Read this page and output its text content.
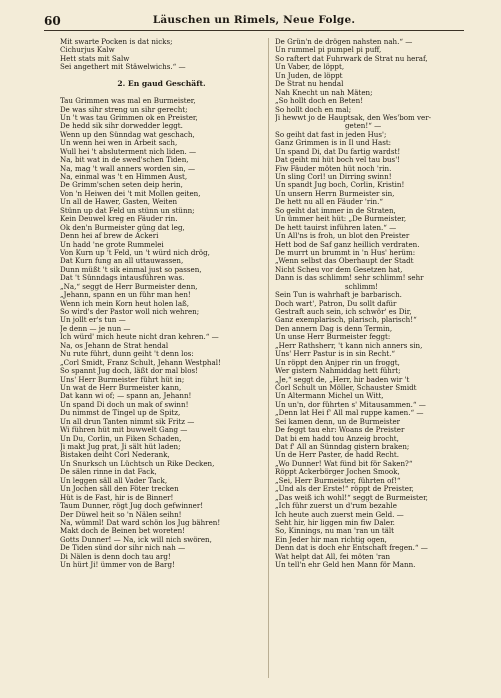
60	Läuschen un Rimels, Neue Folge.
Mit swarte Pocken is dat nicks;
Cichurjus Kalw
Hett stats mit Salw
Sei angethert mit Stäwelwichs.“ —
2. En gaud Geschäft.
Tau Grimmen was mal en Burmeister,
De was sihr streng un sihr gerecht;
Un 't was tau Grimmen ok en Preister,
De hedd sik sihr dorwedder leggt.
Wenn up den Sünndag wat geschach,
Un wenn hei wen in Arbeit sach,
Wull hei 't absluterment nich liden. —
Na, bit wat in de swed'schen Tiden,
Na, mag 't wall anners worden sin, —
Na, einmal was 't en Himmen Aust,
De Grimm'schen seten deip herin,
Von 'n Heiwen dei 't mit Mollen geiten,
Un all de Hawer, Gasten, Weiten
Stünn up dat Feld un stünn un stünn;
Kein Deuwel kreg en Fäuder rin.
Ok den'n Burmeister güng dat leg,
Denn hei af brew de Ackeri
Un hadd 'ne grote Rummelei
Von Kurn up 't Feld, un 't würd nich drög,
Dat Kurn fung an all uttauwassen,
Dunn müßt 't sik einmal just so passen,
Dat 't Sünndags intausführen was.
„Na,“ seggt de Herr Burmeister denn,
„Jehann, spann en un führ man hen!
Wenn ich mein Korn heut holen laß,
So wird's der Pastor woll nich wehren;
Un jollt er's tun —
Je denn — je nun —
Ich würd' mich heute nicht dran kehren.“ —
Na, os Jehann de Strat hendal
Nu rute führt, dunn geiht 't denn los:
„Corl Smidt, Franz Schult, Jehann Westphal!
So spannt Jug doch, läßt dor mal blos!
Uns' Herr Burmeister führt hüt in;
Un wat de Herr Burmeister kann,
Dat kann wi of; — spann an, Jehann!
Un spand Di doch un mak of swinn!
Du nimmst de Tingel up de Spitz,
Un all drun Tanten nimmt sik Fritz —
Wi führen hüt mit buwwelt Gang —
Un Du, Corlin, un Fiken Schaden,
Ji makt Jug prat, Ji sält hüt laden;
Bistaken deiht Corl Nederank,
Un Snurksch un Lüchtsch un Rike Decken,
De sälen rinne in dat Fack,
Un leggen säll all Vader Tack,
Un Jochen säll den Föter trecken
Hüt is de Fast, hir is de Binner!
Taum Dunner, rögt Jug doch gefwinner!
Der Düwel heit so 'n Nälen seihn!
Na, wümml! Dat ward schön los Jug bähren!
Makt doch de Beinen bet woreten!
Gotts Dunner! — Na, ick will nich swören,
De Tiden sünd dor sihr nich nah —
Di Nälen is denn doch tau arg!
Un hürt Ji! ümmer von de Barg!
De Grün'n de drögen nahsten nah.“ —
Un rummel pi pumpel pi puff,
So raftert dat Fuhrwark de Strat nu heraf,
Un Vaber, de löppt,
Un Juden, de löppt
De Strat nu hendal
Nah Knecht un nah Mäten;
„So hollt doch en Beten!
So hollt doch en mal;
Ji hewwt jo de Hauptsak, den Wes'bom ver-
geten!“ —
So geiht dat fast in jeden Hus';
Ganz Grimmen is in Il und Hast:
Un spand Di, dat Du fartig wardst!
Dat geiht mi hüt boch vel tau bus'!
Fiw Fäuder möten hüt noch 'rin.
Un sling Corl! un Dirring swinn!
Un spandt Jug boch, Corlin, Kristin!
Un unsern Herrn Burmeister sin,
De hett nu all en Fäuder 'rin.“
So geiht dat immer in de Straten,
Un ümmer heit hüt: „De Burmeister,
De hett tauirst inführen laten.“ —
Un All'ns is froh, un blot den Preister
Hett bod de Saf ganz heillich verdraten.
De murrt un brummt in 'n Hus' herüm:
„Wenn selbst das Oberhaupt der Stadt
Nicht Scheu vor dem Gesetzen hat,
Dann is das schlimm! sehr schlimm! sehr
schlimm!
Sein Tun is wahrhaft je barbarisch.
Doch wart', Patron, Du sollt dafür
Gestraft auch sein, ich schwör' es Dir,
Ganz exemplarisch, plarisch, plarisch!“
Den annern Dag is denn Termin,
Un unse Herr Burmeister feggt:
„Herr Rathsherr, 't kann nich anners sin,
Uns' Herr Pastur is in sin Recht.“
Un röppt den Anjper rin un froggt,
Wer gistern Nahmiddag hett führt;
„Je,“ seggt de, „Herr, hir baden wir 't
Corl Schult un Möller, Schauster Smidt
Un Altermann Michel un Witt,
Un un'n, dor führten s' Mitausammen.“ —
„Denn lat Hei f' All mal ruppe kamen.“ —
Sei kamen denn, un de Burmeister
De feggt tau ehr: Woans de Preister
Dat bi em hadd tou Anzeig brocht,
Dat f' All an Sünndag gistern braken;
Un de Herr Paster, de hadd Recht.
„Wo Dunner! Wat fünd bit för Saken?“
Röppt Ackerbörger Jochen Smook,
„Sei, Herr Burmeister, führten of!“
„Und als der Erste!“ röppt de Preister,
„Das weiß ich wohl!“ seggt de Burmeister,
„Ich führ zuerst un d'rum bezahle
Ich heute auch zuerst mein Geld. —
Seht hir, hir liggen min fiw Daler.
So, Kinnings, nu man 'ran un tält
Ein Jeder hir man richtig ogen,
Denn dat is doch ehr Entschaft fregen.“ —
Wat helpt dat All, fei möten 'ran
Un tell'n ehr Geld hen Mann för Mann.
